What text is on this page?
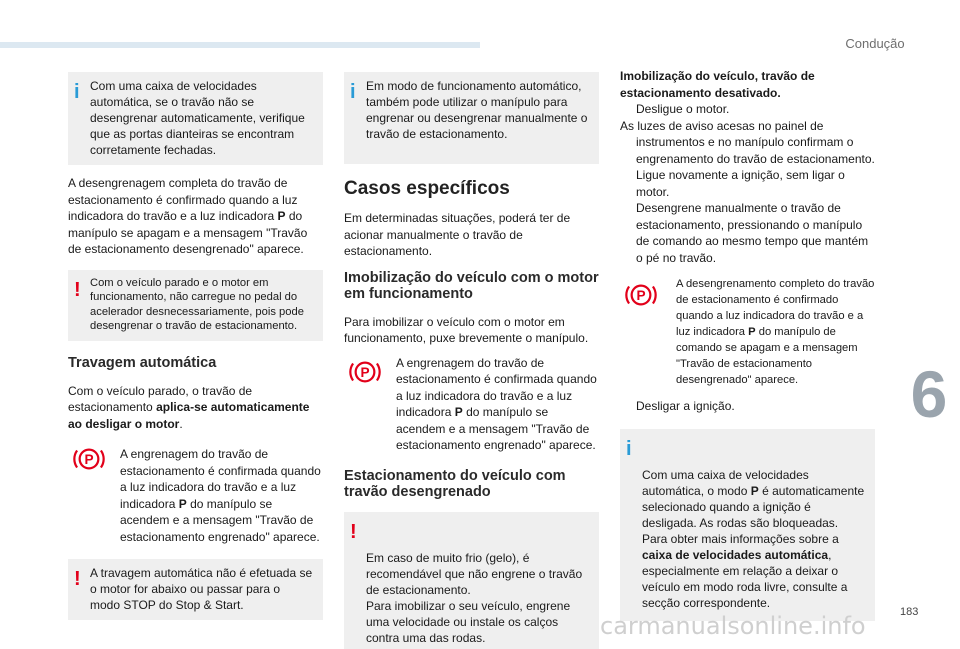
Condução
6
i Com uma caixa de velocidades automática, se o travão não se desengrenar automaticamente, verifique que as portas dianteiras se encontram corretamente fechadas.

A desengrenagem completa do travão de estacionamento é confirmado quando a luz indicadora do travão e a luz indicadora P do manípulo se apagam e a mensagem "Travão de estacionamento desengrenado" aparece.

! Com o veículo parado e o motor em funcionamento, não carregue no pedal do acelerador desnecessariamente, pois pode desengrenar o travão de estacionamento.
Travagem automática

Com o veículo parado, o travão de estacionamento aplica-se automaticamente ao desligar o motor.

P A engrenagem do travão de estacionamento é confirmada quando a luz indicadora do travão e a luz indicadora P do manípulo se acendem e a mensagem "Travão de estacionamento engrenado" aparece.

! A travagem automática não é efetuada se o motor for abaixo ou passar para o modo STOP do Stop & Start.
i Em modo de funcionamento automático, também pode utilizar o manípulo para engrenar ou desengrenar manualmente o travão de estacionamento.
Casos específicos

Em determinadas situações, poderá ter de acionar manualmente o travão de estacionamento.

Imobilização do veículo com o motor em funcionamento

Para imobilizar o veículo com o motor em funcionamento, puxe brevemente o manípulo.

P

A engrenagem do travão de estacionamento é confirmada quando a luz indicadora do travão e a luz indicadora P do manípulo se acendem e a mensagem "Travão de estacionamento engrenado" aparece.

Estacionamento do veículo com travão desengrenado

!

Em caso de muito frio (gelo), é recomendável que não engrene o travão de estacionamento.
Para imobilizar o seu veículo, engrene uma velocidade ou instale os calços contra uma das rodas.

Imobilização do veículo, travão de estacionamento desativado.

Desligue o motor.

As luzes de aviso acesas no painel de instrumentos e no manípulo confirmam o engrenamento do travão de estacionamento.

Ligue novamente a ignição, sem ligar o motor.

Desengrene manualmente o travão de estacionamento, pressionando o manípulo de comando ao mesmo tempo que mantém o pé no travão.

P

A desengrenamento completo do travão de estacionamento é confirmado quando a luz indicadora do travão e a luz indicadora P do manípulo de comando se apagam e a mensagem "Travão de estacionamento desengrenado" aparece.

Desligar a ignição.

i

Com uma caixa de velocidades automática, o modo P é automaticamente selecionado quando a ignição é desligada. As rodas são bloqueadas.
Para obter mais informações sobre a caixa de velocidades automática, especialmente em relação a deixar o veículo em modo roda livre, consulte a secção correspondente.

183
carmanualsonline.info
